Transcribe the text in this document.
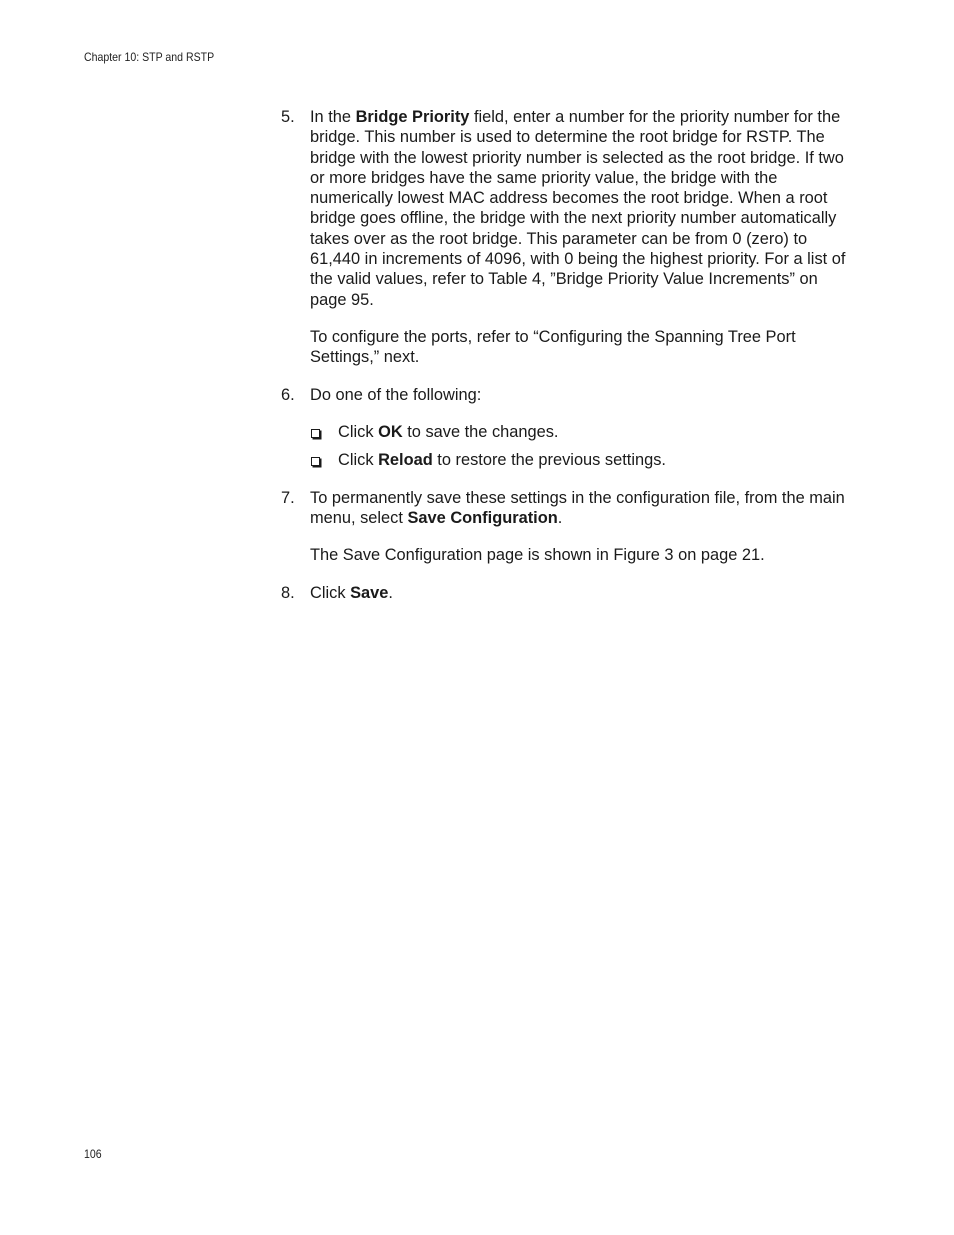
Chapter 10: STP and RSTP
5. In the Bridge Priority field, enter a number for the priority number for the bridge. This number is used to determine the root bridge for RSTP. The bridge with the lowest priority number is selected as the root bridge. If two or more bridges have the same priority value, the bridge with the numerically lowest MAC address becomes the root bridge. When a root bridge goes offline, the bridge with the next priority number automatically takes over as the root bridge. This parameter can be from 0 (zero) to 61,440 in increments of 4096, with 0 being the highest priority. For a list of the valid values, refer to Table 4, ”Bridge Priority Value Increments” on page 95.

To configure the ports, refer to “Configuring the Spanning Tree Port Settings,” next.

6. Do one of the following:

Click OK to save the changes.
Click Reload to restore the previous settings.
7. To permanently save these settings in the configuration file, from the main menu, select Save Configuration.

The Save Configuration page is shown in Figure 3 on page 21.

8. Click Save.

106
